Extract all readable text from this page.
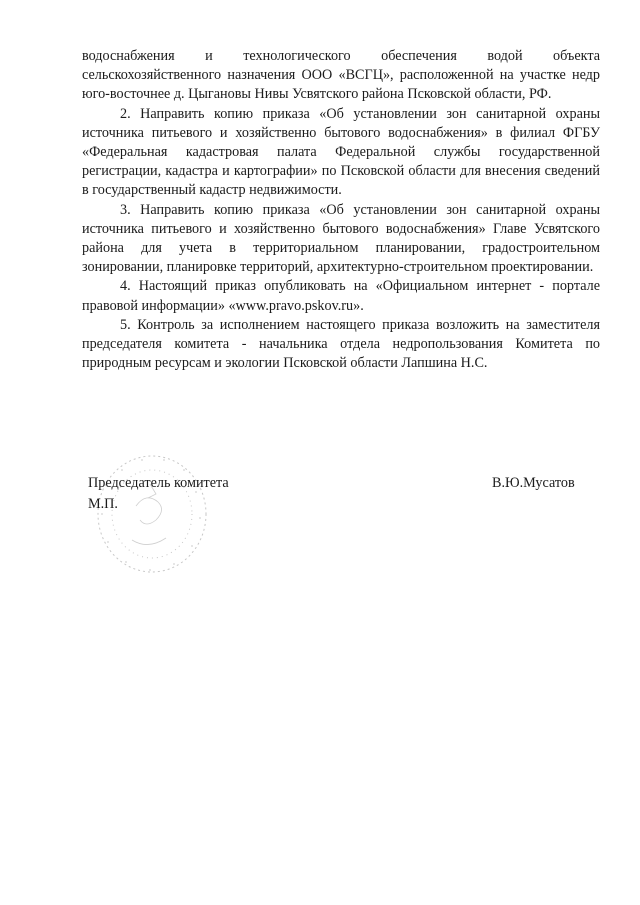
водоснабжения и технологического обеспечения водой объекта сельскохозяйственного назначения ООО «ВСГЦ», расположенной на участке недр юго-восточнее д. Цыгановы Нивы Усвятского района Псковской области, РФ.

2. Направить копию приказа «Об установлении зон санитарной охраны источника питьевого и хозяйственно бытового водоснабжения» в филиал ФГБУ «Федеральная кадастровая палата Федеральной службы государственной регистрации, кадастра и картографии» по Псковской области для внесения сведений в государственный кадастр недвижимости.

3. Направить копию приказа «Об установлении зон санитарной охраны источника питьевого и хозяйственно бытового водоснабжения» Главе Усвятского района для учета в территориальном планировании, градостроительном зонировании, планировке территорий, архитектурно-строительном проектировании.

4. Настоящий приказ опубликовать на «Официальном интернет - портале правовой информации» «www.pravo.pskov.ru».

5. Контроль за исполнением настоящего приказа возложить на заместителя председателя комитета - начальника отдела недропользования Комитета по природным ресурсам и экологии Псковской области Лапшина Н.С.

Председатель комитета
М.П.
В.Ю.Мусатов
